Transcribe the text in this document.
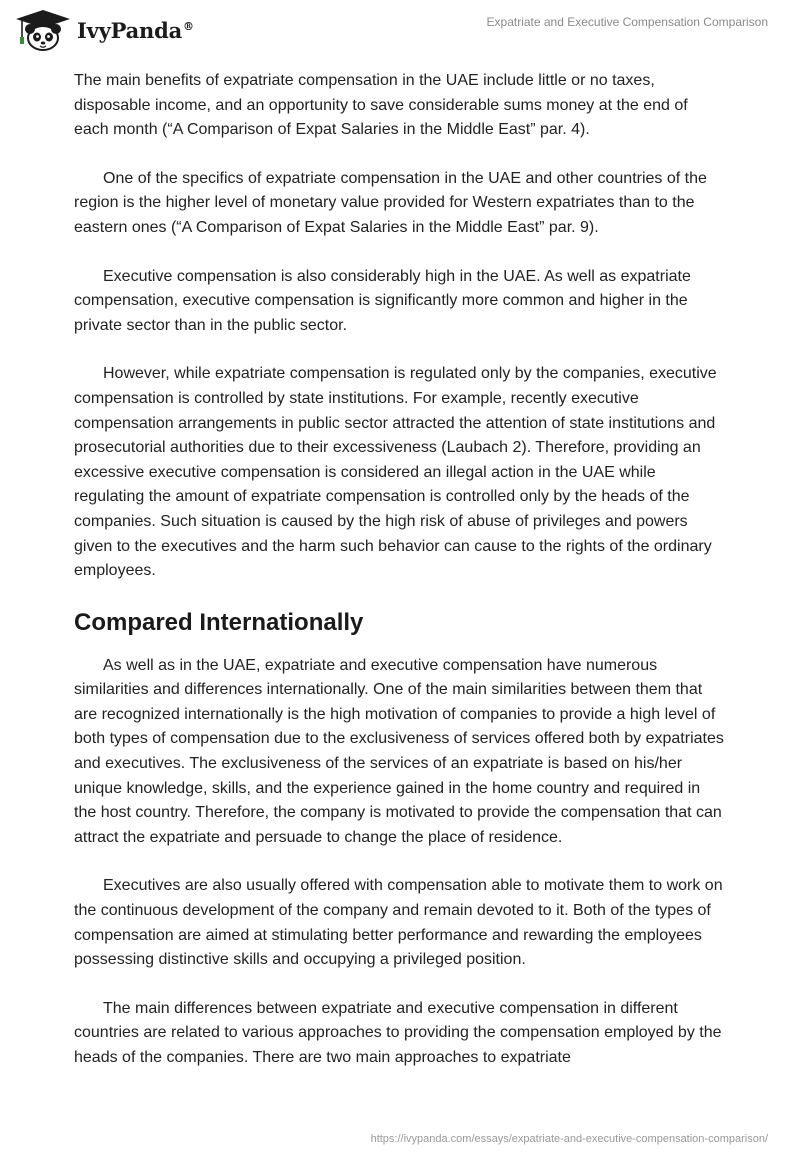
IvyPanda®	Expatriate and Executive Compensation Comparison

The main benefits of expatriate compensation in the UAE include little or no taxes, disposable income, and an opportunity to save considerable sums money at the end of each month (“A Comparison of Expat Salaries in the Middle East” par. 4).

One of the specifics of expatriate compensation in the UAE and other countries of the region is the higher level of monetary value provided for Western expatriates than to the eastern ones (“A Comparison of Expat Salaries in the Middle East” par. 9).

Executive compensation is also considerably high in the UAE. As well as expatriate compensation, executive compensation is significantly more common and higher in the private sector than in the public sector.

However, while expatriate compensation is regulated only by the companies, executive compensation is controlled by state institutions. For example, recently executive compensation arrangements in public sector attracted the attention of state institutions and prosecutorial authorities due to their excessiveness (Laubach 2). Therefore, providing an excessive executive compensation is considered an illegal action in the UAE while regulating the amount of expatriate compensation is controlled only by the heads of the companies. Such situation is caused by the high risk of abuse of privileges and powers given to the executives and the harm such behavior can cause to the rights of the ordinary employees.

Compared Internationally

As well as in the UAE, expatriate and executive compensation have numerous similarities and differences internationally. One of the main similarities between them that are recognized internationally is the high motivation of companies to provide a high level of both types of compensation due to the exclusiveness of services offered both by expatriates and executives. The exclusiveness of the services of an expatriate is based on his/her unique knowledge, skills, and the experience gained in the home country and required in the host country. Therefore, the company is motivated to provide the compensation that can attract the expatriate and persuade to change the place of residence.

Executives are also usually offered with compensation able to motivate them to work on the continuous development of the company and remain devoted to it. Both of the types of compensation are aimed at stimulating better performance and rewarding the employees possessing distinctive skills and occupying a privileged position.

The main differences between expatriate and executive compensation in different countries are related to various approaches to providing the compensation employed by the heads of the companies. There are two main approaches to expatriate

https://ivypanda.com/essays/expatriate-and-executive-compensation-comparison/
